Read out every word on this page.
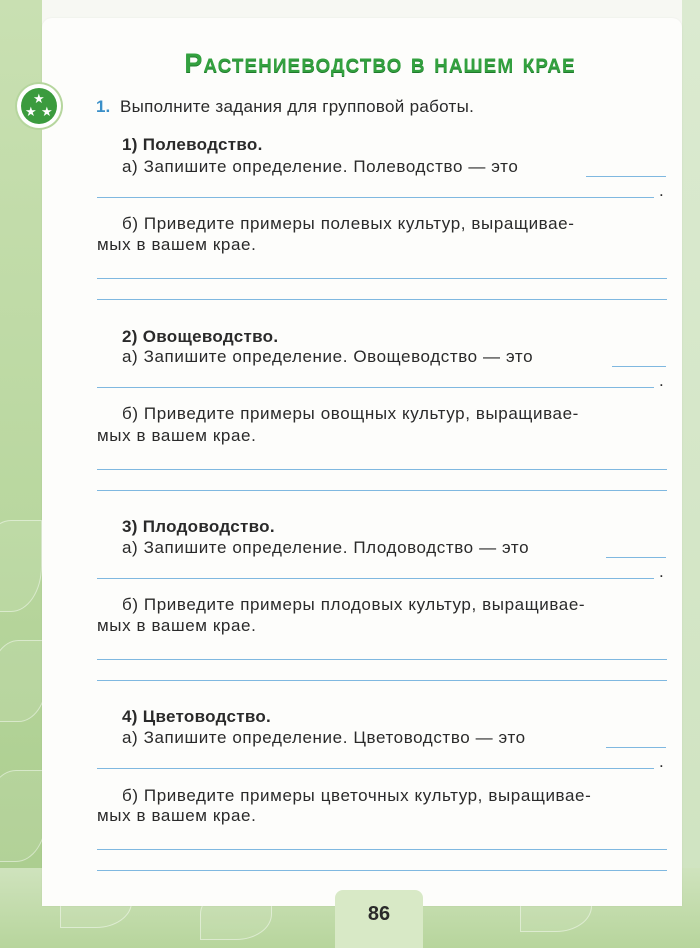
Растениеводство в нашем крае
★
★ ★	1. Выполните задания для групповой работы.
1) Полеводство.
а) Запишите определение. Полеводство — это
.
б) Приведите примеры полевых культур, выращивае-
мых в вашем крае.
2) Овощеводство.
а) Запишите определение. Овощеводство — это
.
б) Приведите примеры овощных культур, выращивае-
мых в вашем крае.
3) Плодоводство.
а) Запишите определение. Плодоводство — это
.
б) Приведите примеры плодовых культур, выращивае-
мых в вашем крае.
4) Цветоводство.
а) Запишите определение. Цветоводство — это
.
б) Приведите примеры цветочных культур, выращивае-
мых в вашем крае.
86
